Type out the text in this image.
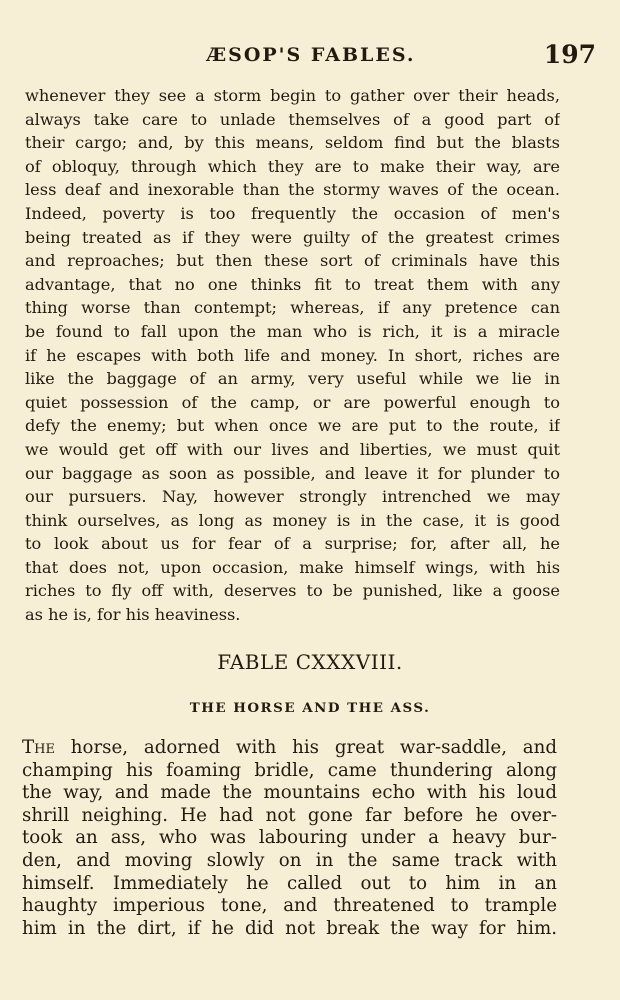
ÆSOP'S FABLES.	197
whenever they see a storm begin to gather over their heads,
always take care to unlade themselves of a good part of
their cargo; and, by this means, seldom find but the blasts
of obloquy, through which they are to make their way, are
less deaf and inexorable than the stormy waves of the ocean.
Indeed, poverty is too frequently the occasion of men's
being treated as if they were guilty of the greatest crimes
and reproaches; but then these sort of criminals have this
advantage, that no one thinks fit to treat them with any
thing worse than contempt; whereas, if any pretence can
be found to fall upon the man who is rich, it is a miracle
if he escapes with both life and money. In short, riches are
like the baggage of an army, very useful while we lie in
quiet possession of the camp, or are powerful enough to
defy the enemy; but when once we are put to the route, if
we would get off with our lives and liberties, we must quit
our baggage as soon as possible, and leave it for plunder to
our pursuers. Nay, however strongly intrenched we may
think ourselves, as long as money is in the case, it is good
to look about us for fear of a surprise; for, after all, he
that does not, upon occasion, make himself wings, with his
riches to fly off with, deserves to be punished, like a goose
as he is, for his heaviness.
FABLE CXXXVIII.
THE HORSE AND THE ASS.
The horse, adorned with his great war-saddle, and
champing his foaming bridle, came thundering along
the way, and made the mountains echo with his loud
shrill neighing. He had not gone far before he over-
took an ass, who was labouring under a heavy bur-
den, and moving slowly on in the same track with
himself. Immediately he called out to him in an
haughty imperious tone, and threatened to trample
him in the dirt, if he did not break the way for him.
